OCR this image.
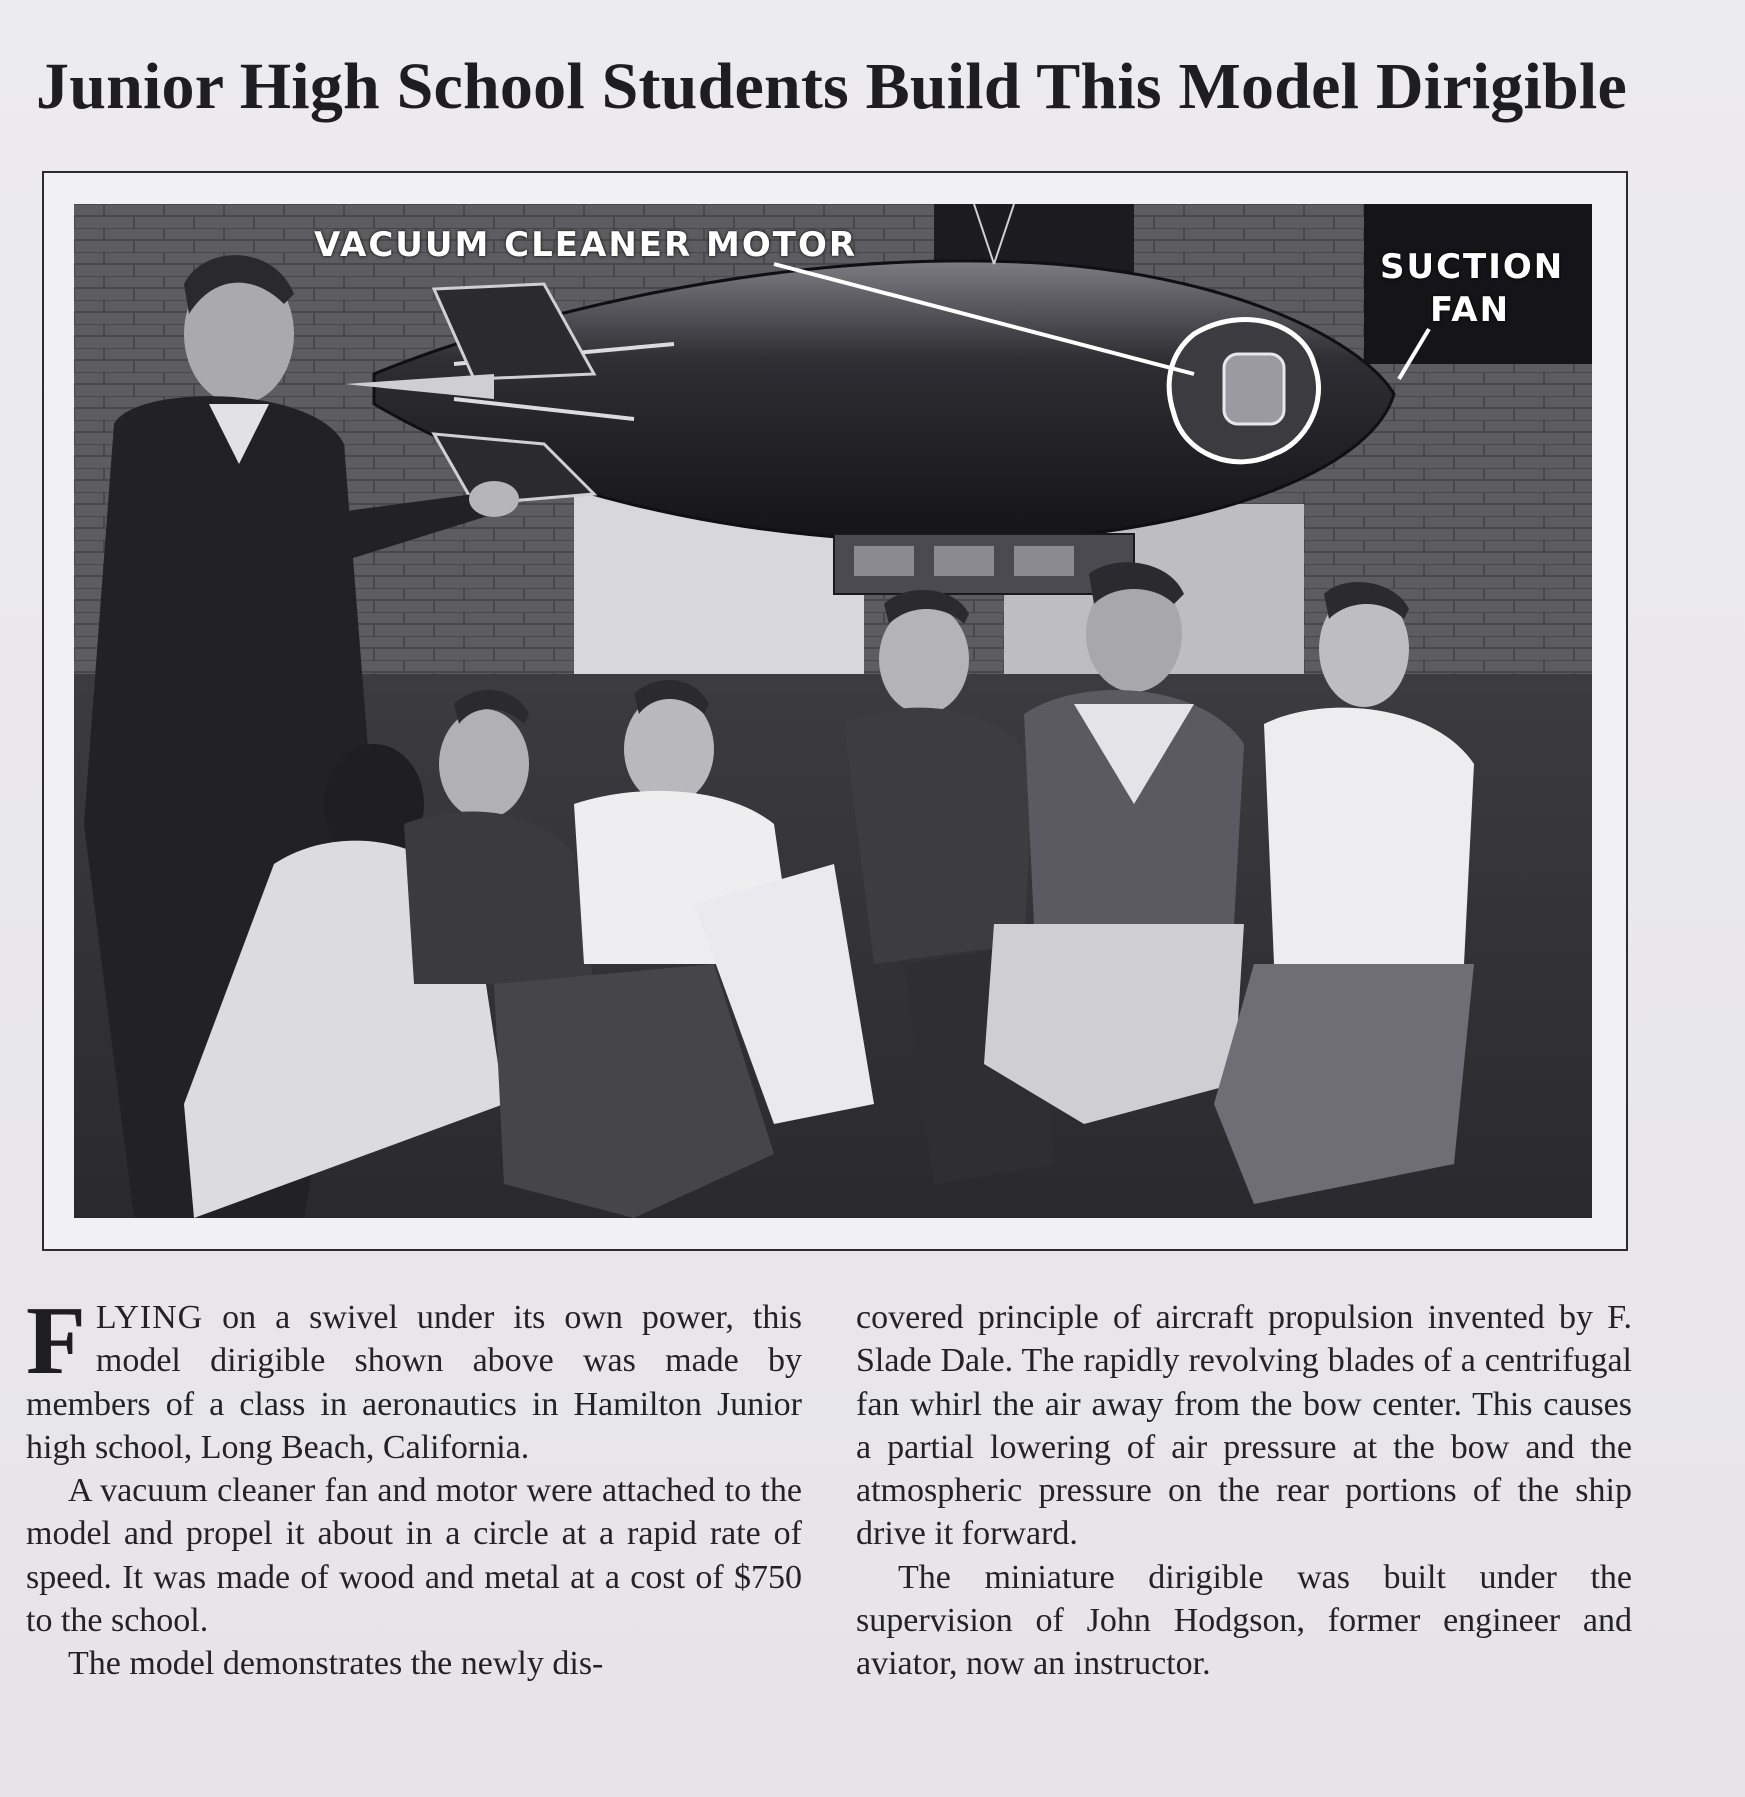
Junior High School Students Build This Model Dirigible
VACUUM CLEANER MOTOR
SUCTION FAN

FLYING on a swivel under its own power, this model dirigible shown above was made by members of a class in aeronautics in Hamilton Junior high school, Long Beach, California.

A vacuum cleaner fan and motor were attached to the model and propel it about in a circle at a rapid rate of speed. It was made of wood and metal at a cost of $750 to the school.

The model demonstrates the newly dis-

covered principle of aircraft propulsion invented by F. Slade Dale. The rapidly revolving blades of a centrifugal fan whirl the air away from the bow center. This causes a partial lowering of air pressure at the bow and the atmospheric pressure on the rear portions of the ship drive it forward.

The miniature dirigible was built under the supervision of John Hodgson, former engineer and aviator, now an instructor.
